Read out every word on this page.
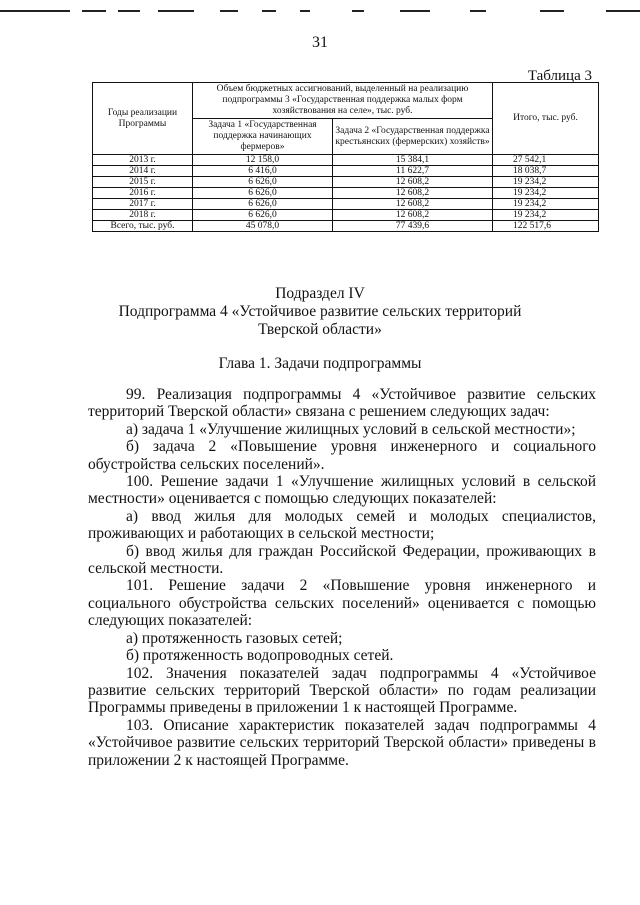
31
Таблица 3
Годы реализации Программы	Объем бюджетных ассигнований, выделенный на реализацию подпрограммы 3 «Государственная поддержка малых форм хозяйствования на селе», тыс. руб.		Итого, тыс. руб.
	Задача 1 «Государственная поддержка начинающих фермеров»	Задача 2 «Государственная поддержка крестьянских (фермерских) хозяйств»	
2013 г.	12 158,0	15 384,1	27 542,1
2014 г.	6 416,0	11 622,7	18 038,7
2015 г.	6 626,0	12 608,2	19 234,2
2016 г.	6 626,0	12 608,2	19 234,2
2017 г.	6 626,0	12 608,2	19 234,2
2018 г.	6 626,0	12 608,2	19 234,2
Всего, тыс. руб.	45 078,0	77 439,6	122 517,6
Подраздел IV
Подпрограмма 4 «Устойчивое развитие сельских территорий
Тверской области»
Глава 1. Задачи подпрограммы

99. Реализация подпрограммы 4 «Устойчивое развитие сельских территорий Тверской области» связана с решением следующих задач:

а) задача 1 «Улучшение жилищных условий в сельской местности»;

б) задача 2 «Повышение уровня инженерного и социального обустройства сельских поселений».

100. Решение задачи 1 «Улучшение жилищных условий в сельской местности» оценивается с помощью следующих показателей:

а) ввод жилья для молодых семей и молодых специалистов, проживающих и работающих в сельской местности;

б) ввод жилья для граждан Российской Федерации, проживающих в сельской местности.

101. Решение задачи 2 «Повышение уровня инженерного и социального обустройства сельских поселений» оценивается с помощью следующих показателей:

а) протяженность газовых сетей;

б) протяженность водопроводных сетей.

102. Значения показателей задач подпрограммы 4 «Устойчивое развитие сельских территорий Тверской области» по годам реализации Программы приведены в приложении 1 к настоящей Программе.

103. Описание характеристик показателей задач подпрограммы 4 «Устойчивое развитие сельских территорий Тверской области» приведены в приложении 2 к настоящей Программе.
